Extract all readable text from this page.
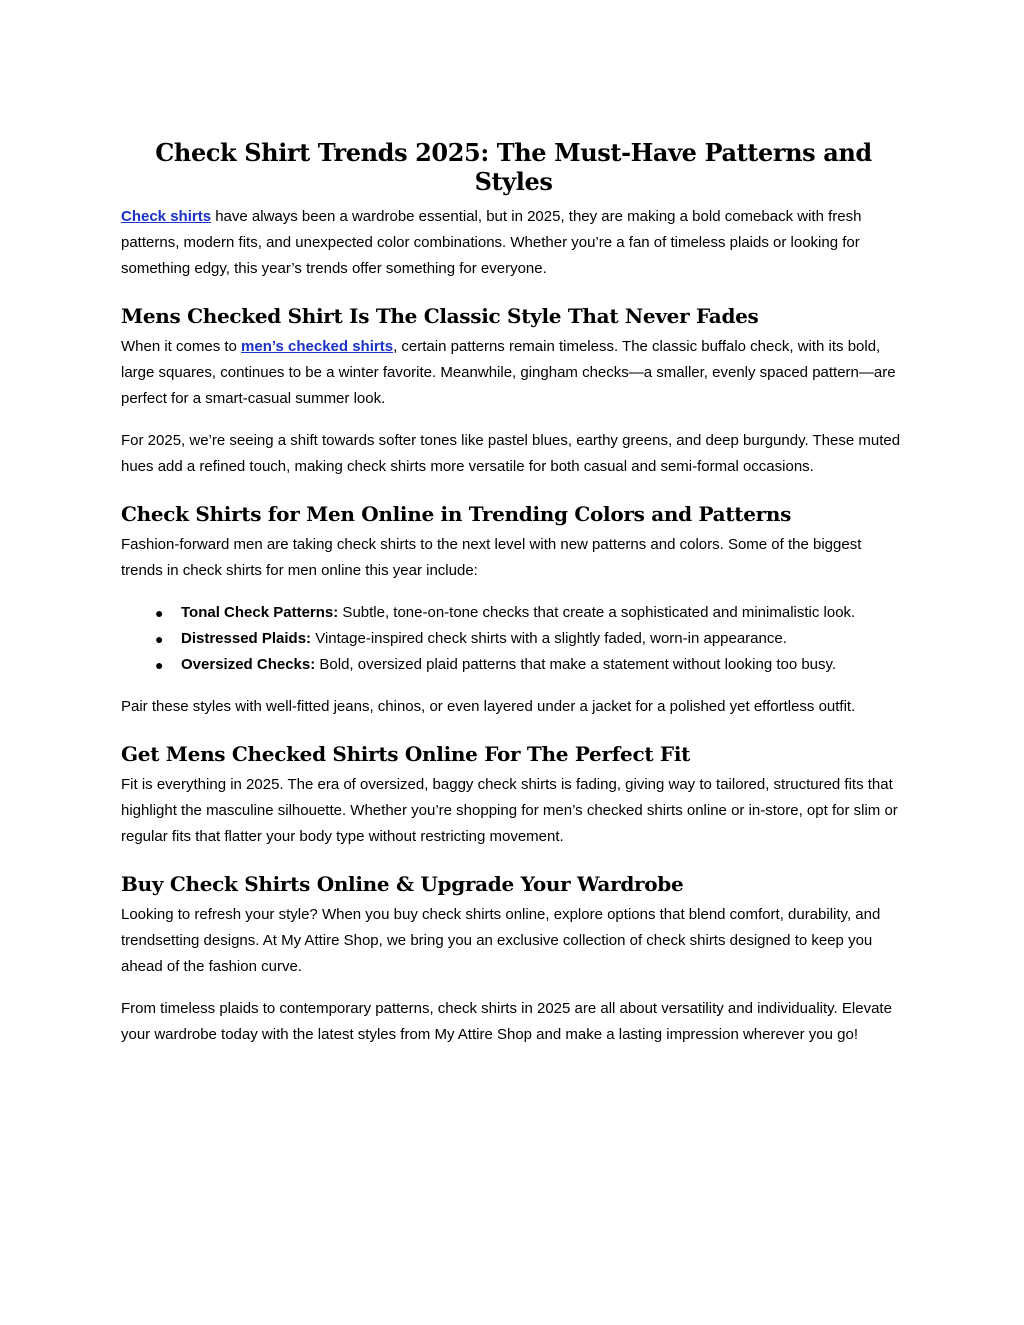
Check Shirt Trends 2025: The Must-Have Patterns and Styles

Check shirts have always been a wardrobe essential, but in 2025, they are making a bold comeback with fresh patterns, modern fits, and unexpected color combinations. Whether you’re a fan of timeless plaids or looking for something edgy, this year’s trends offer something for everyone.

Mens Checked Shirt Is The Classic Style That Never Fades

When it comes to men’s checked shirts, certain patterns remain timeless. The classic buffalo check, with its bold, large squares, continues to be a winter favorite. Meanwhile, gingham checks—a smaller, evenly spaced pattern—are perfect for a smart-casual summer look.

For 2025, we’re seeing a shift towards softer tones like pastel blues, earthy greens, and deep burgundy. These muted hues add a refined touch, making check shirts more versatile for both casual and semi-formal occasions.

Check Shirts for Men Online in Trending Colors and Patterns

Fashion-forward men are taking check shirts to the next level with new patterns and colors. Some of the biggest trends in check shirts for men online this year include:

● Tonal Check Patterns: Subtle, tone-on-tone checks that create a sophisticated and minimalistic look.
● Distressed Plaids: Vintage-inspired check shirts with a slightly faded, worn-in appearance.
● Oversized Checks: Bold, oversized plaid patterns that make a statement without looking too busy.

Pair these styles with well-fitted jeans, chinos, or even layered under a jacket for a polished yet effortless outfit.

Get Mens Checked Shirts Online For The Perfect Fit

Fit is everything in 2025. The era of oversized, baggy check shirts is fading, giving way to tailored, structured fits that highlight the masculine silhouette. Whether you’re shopping for men’s checked shirts online or in-store, opt for slim or regular fits that flatter your body type without restricting movement.

Buy Check Shirts Online & Upgrade Your Wardrobe

Looking to refresh your style? When you buy check shirts online, explore options that blend comfort, durability, and trendsetting designs. At My Attire Shop, we bring you an exclusive collection of check shirts designed to keep you ahead of the fashion curve.

From timeless plaids to contemporary patterns, check shirts in 2025 are all about versatility and individuality. Elevate your wardrobe today with the latest styles from My Attire Shop and make a lasting impression wherever you go!
